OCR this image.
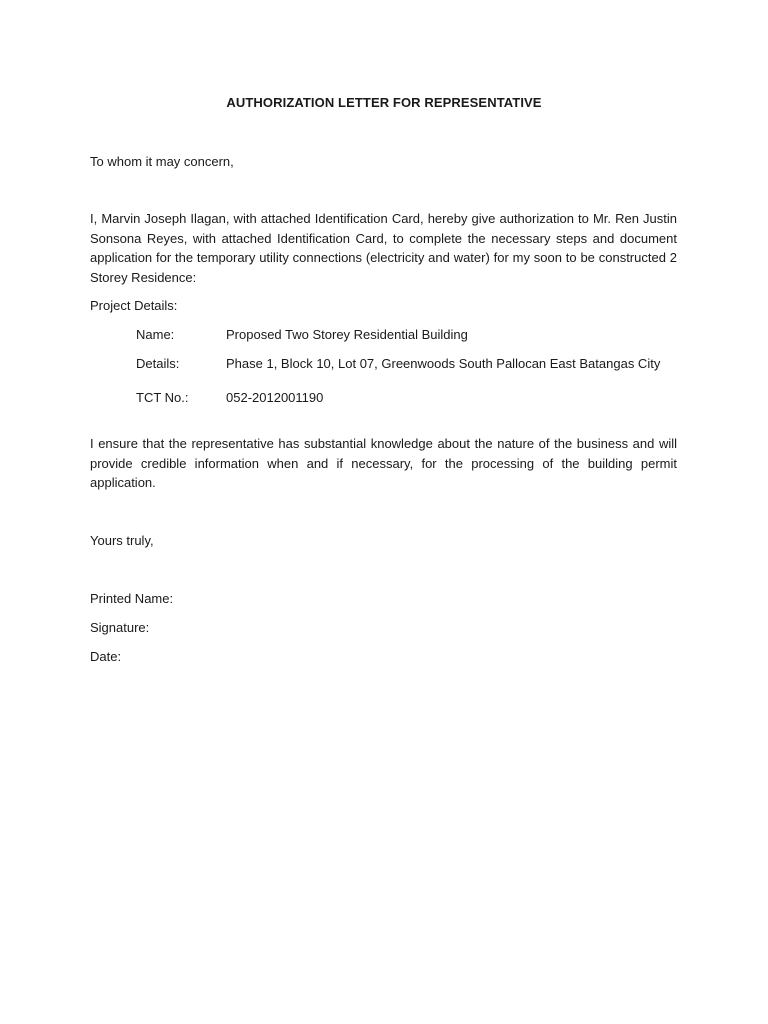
AUTHORIZATION LETTER FOR REPRESENTATIVE
To whom it may concern,
I, Marvin Joseph Ilagan, with attached Identification Card, hereby give authorization to Mr. Ren Justin Sonsona Reyes, with attached Identification Card, to complete the necessary steps and document application for the temporary utility connections (electricity and water) for my soon to be constructed 2 Storey Residence:
Project Details:
Name:	Proposed Two Storey Residential Building
Details:	Phase 1, Block 10, Lot 07, Greenwoods South Pallocan East Batangas City
TCT No.:	052-2012001190
I ensure that the representative has substantial knowledge about the nature of the business and will provide credible information when and if necessary, for the processing of the building permit application.
Yours truly,
Printed Name:
Signature:
Date:
